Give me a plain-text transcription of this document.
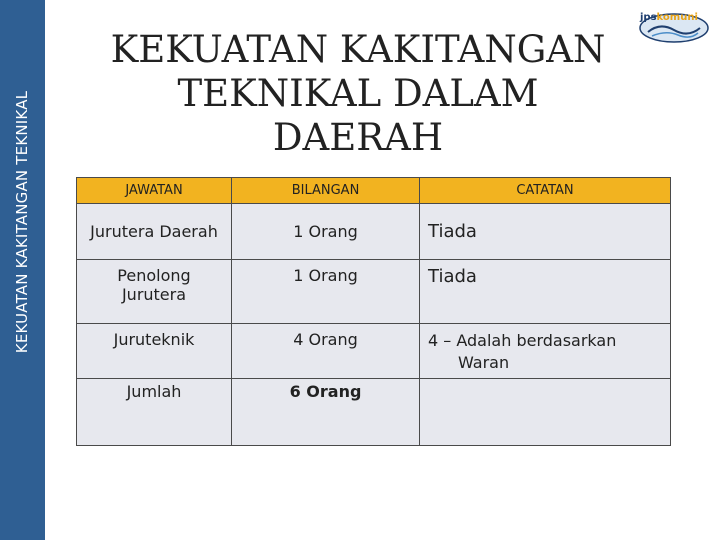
KEKUATAN KAKITANGAN TEKNIKAL
KEKUATAN KAKITANGAN TEKNIKAL DALAM DAERAH
jpskomuni
JAWATAN	BILANGAN	CATATAN
Jurutera Daerah	1 Orang	Tiada

Penolong Jurutera	1 Orang	Tiada
Juruteknik	4 Orang	4 – Adalah berdasarkan
Waran

Jumlah	6 Orang	
